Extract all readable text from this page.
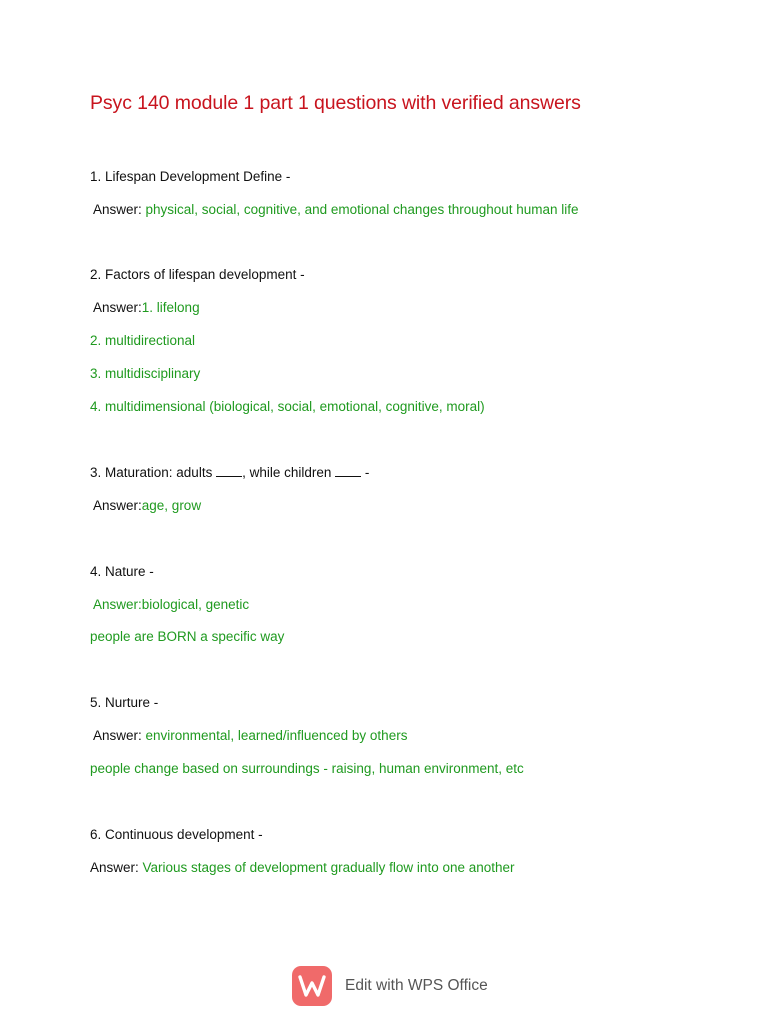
Psyc 140 module 1 part 1 questions with verified answers
1. Lifespan Development Define -
Answer: physical, social, cognitive, and emotional changes throughout human life
2. Factors of lifespan development -
Answer:1. lifelong
2. multidirectional
3. multidisciplinary
4. multidimensional (biological, social, emotional, cognitive, moral)
3. Maturation: adults , while children  -
Answer:age, grow
4. Nature -
Answer:biological, genetic
people are BORN a specific way
5. Nurture -
Answer: environmental, learned/influenced by others
people change based on surroundings - raising, human environment, etc
6. Continuous development -
Answer: Various stages of development gradually flow into one another
Edit with WPS Office
